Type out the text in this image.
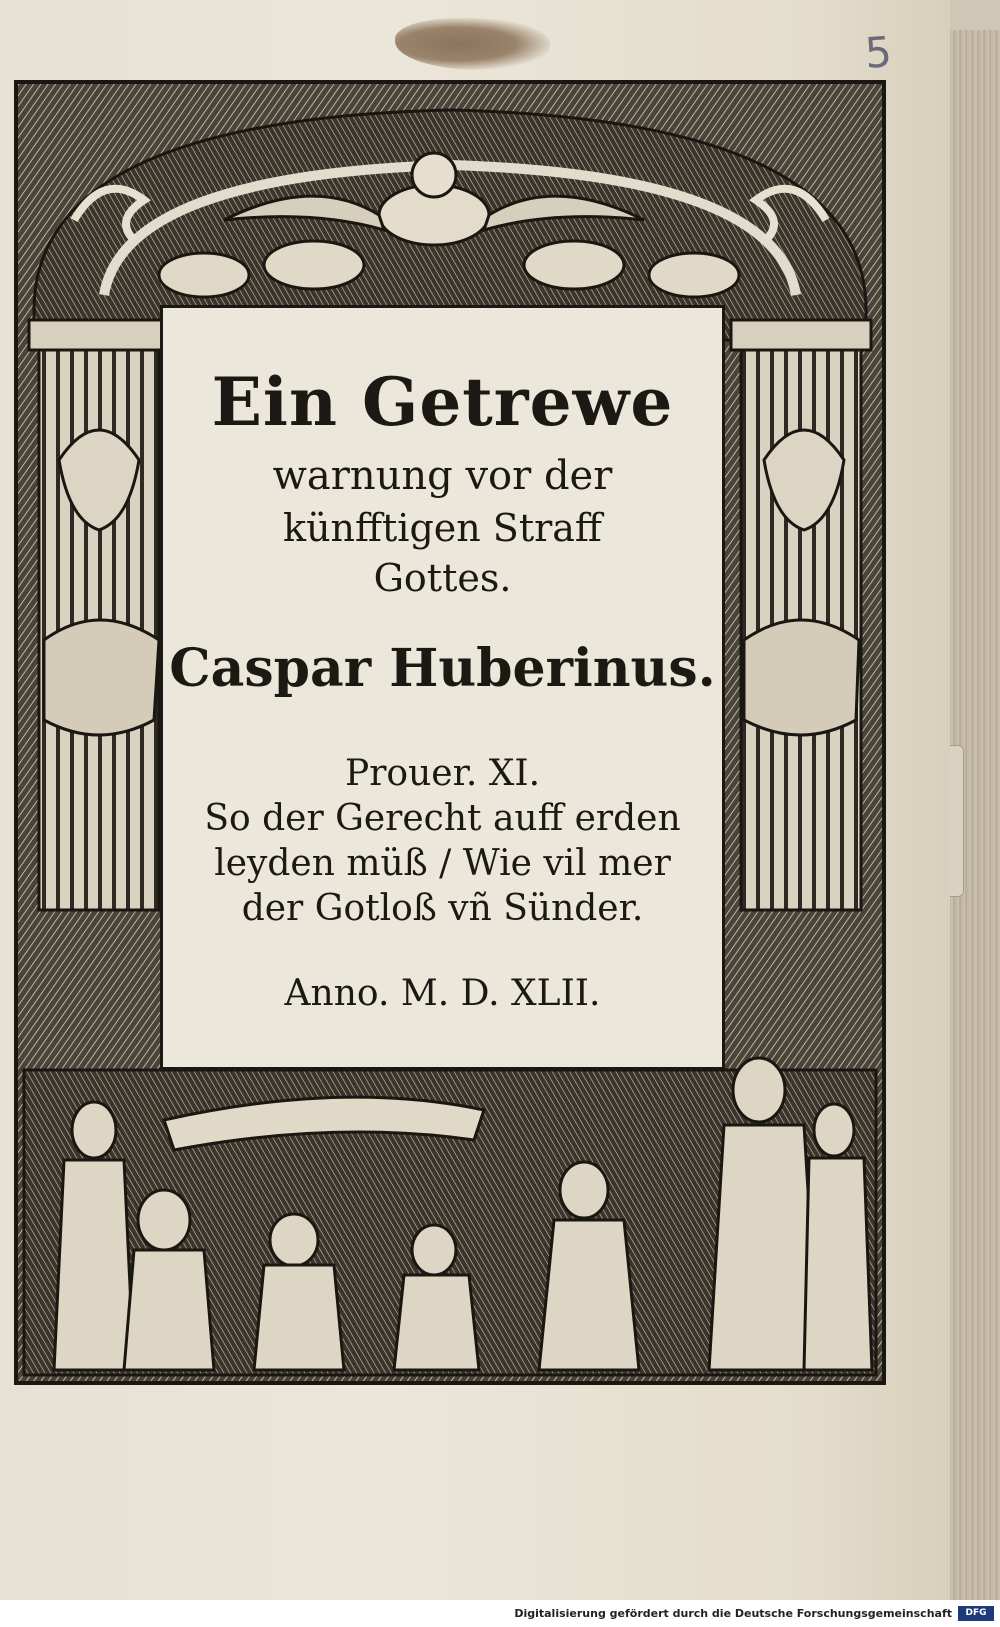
5
Ein Getrewe
warnung vor der
künfftigen Straff
Gottes.
Caspar Huberinus.
Prouer. XI.
So der Gerecht auff erden
leyden müß / Wie vil mer
der Gotloß vñ Sünder.
Anno. M. D. XLII.
Digitalisierung gefördert durch die Deutsche Forschungsgemeinschaft	DFG
